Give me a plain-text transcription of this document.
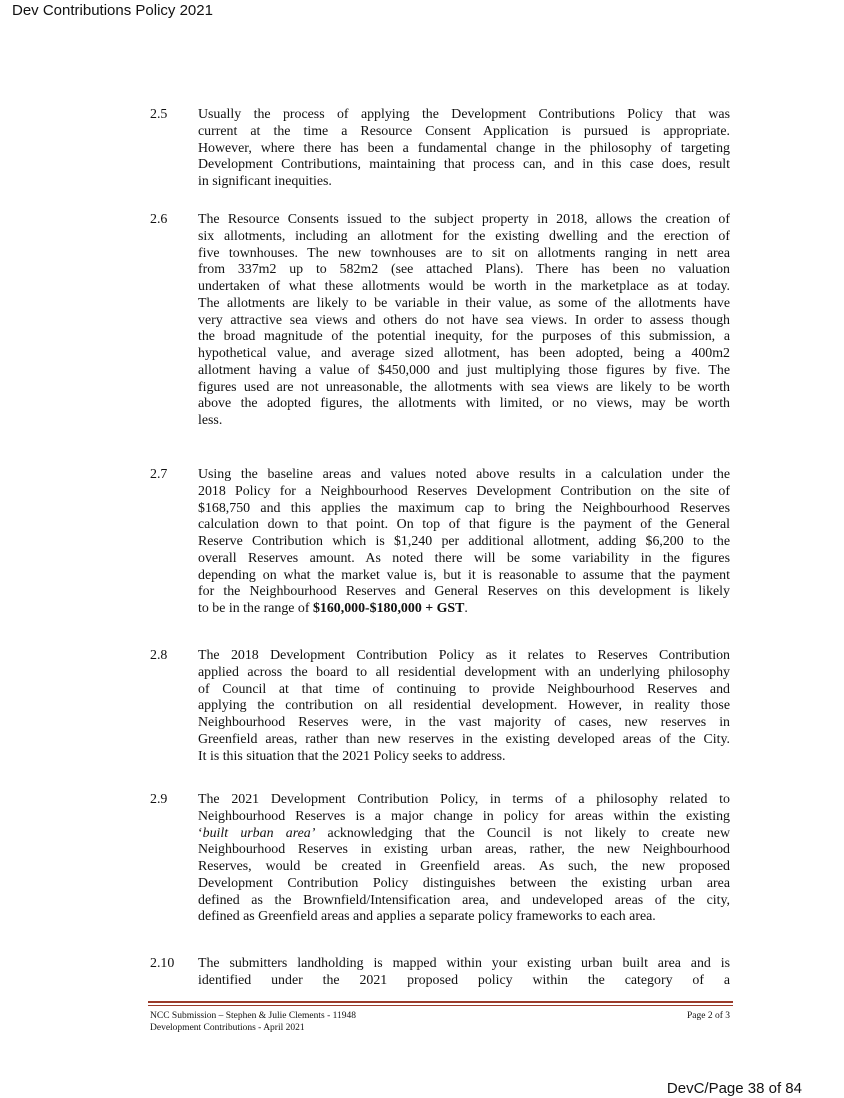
Dev Contributions Policy 2021
2.5 Usually the process of applying the Development Contributions Policy that was
current at the time a Resource Consent Application is pursued is appropriate.
However, where there has been a fundamental change in the philosophy of targeting
Development Contributions, maintaining that process can, and in this case does, result
in significant inequities.
2.6 The Resource Consents issued to the subject property in 2018, allows the creation of
six allotments, including an allotment for the existing dwelling and the erection of
five townhouses. The new townhouses are to sit on allotments ranging in nett area
from 337m2 up to 582m2 (see attached Plans). There has been no valuation
undertaken of what these allotments would be worth in the marketplace as at today.
The allotments are likely to be variable in their value, as some of the allotments have
very attractive sea views and others do not have sea views. In order to assess though
the broad magnitude of the potential inequity, for the purposes of this submission, a
hypothetical value, and average sized allotment, has been adopted, being a 400m2
allotment having a value of $450,000 and just multiplying those figures by five. The
figures used are not unreasonable, the allotments with sea views are likely to be worth
above the adopted figures, the allotments with limited, or no views, may be worth
less.
2.7 Using the baseline areas and values noted above results in a calculation under the
2018 Policy for a Neighbourhood Reserves Development Contribution on the site of
$168,750 and this applies the maximum cap to bring the Neighbourhood Reserves
calculation down to that point. On top of that figure is the payment of the General
Reserve Contribution which is $1,240 per additional allotment, adding $6,200 to the
overall Reserves amount. As noted there will be some variability in the figures
depending on what the market value is, but it is reasonable to assume that the payment
for the Neighbourhood Reserves and General Reserves on this development is likely
to be in the range of $160,000-$180,000 + GST.
2.8 The 2018 Development Contribution Policy as it relates to Reserves Contribution
applied across the board to all residential development with an underlying philosophy
of Council at that time of continuing to provide Neighbourhood Reserves and
applying the contribution on all residential development. However, in reality those
Neighbourhood Reserves were, in the vast majority of cases, new reserves in
Greenfield areas, rather than new reserves in the existing developed areas of the City.
It is this situation that the 2021 Policy seeks to address.
2.9 The 2021 Development Contribution Policy, in terms of a philosophy related to
Neighbourhood Reserves is a major change in policy for areas within the existing
‘built urban area’ acknowledging that the Council is not likely to create new
Neighbourhood Reserves in existing urban areas, rather, the new Neighbourhood
Reserves, would be created in Greenfield areas. As such, the new proposed
Development Contribution Policy distinguishes between the existing urban area
defined as the Brownfield/Intensification area, and undeveloped areas of the city,
defined as Greenfield areas and applies a separate policy frameworks to each area.
2.10 The submitters landholding is mapped within your existing urban built area and is
identified under the 2021 proposed policy within the category of a
NCC Submission – Stephen & Julie Clements - 11948
Development Contributions - April 2021
Page 2 of 3
DevC/Page 38 of 84
